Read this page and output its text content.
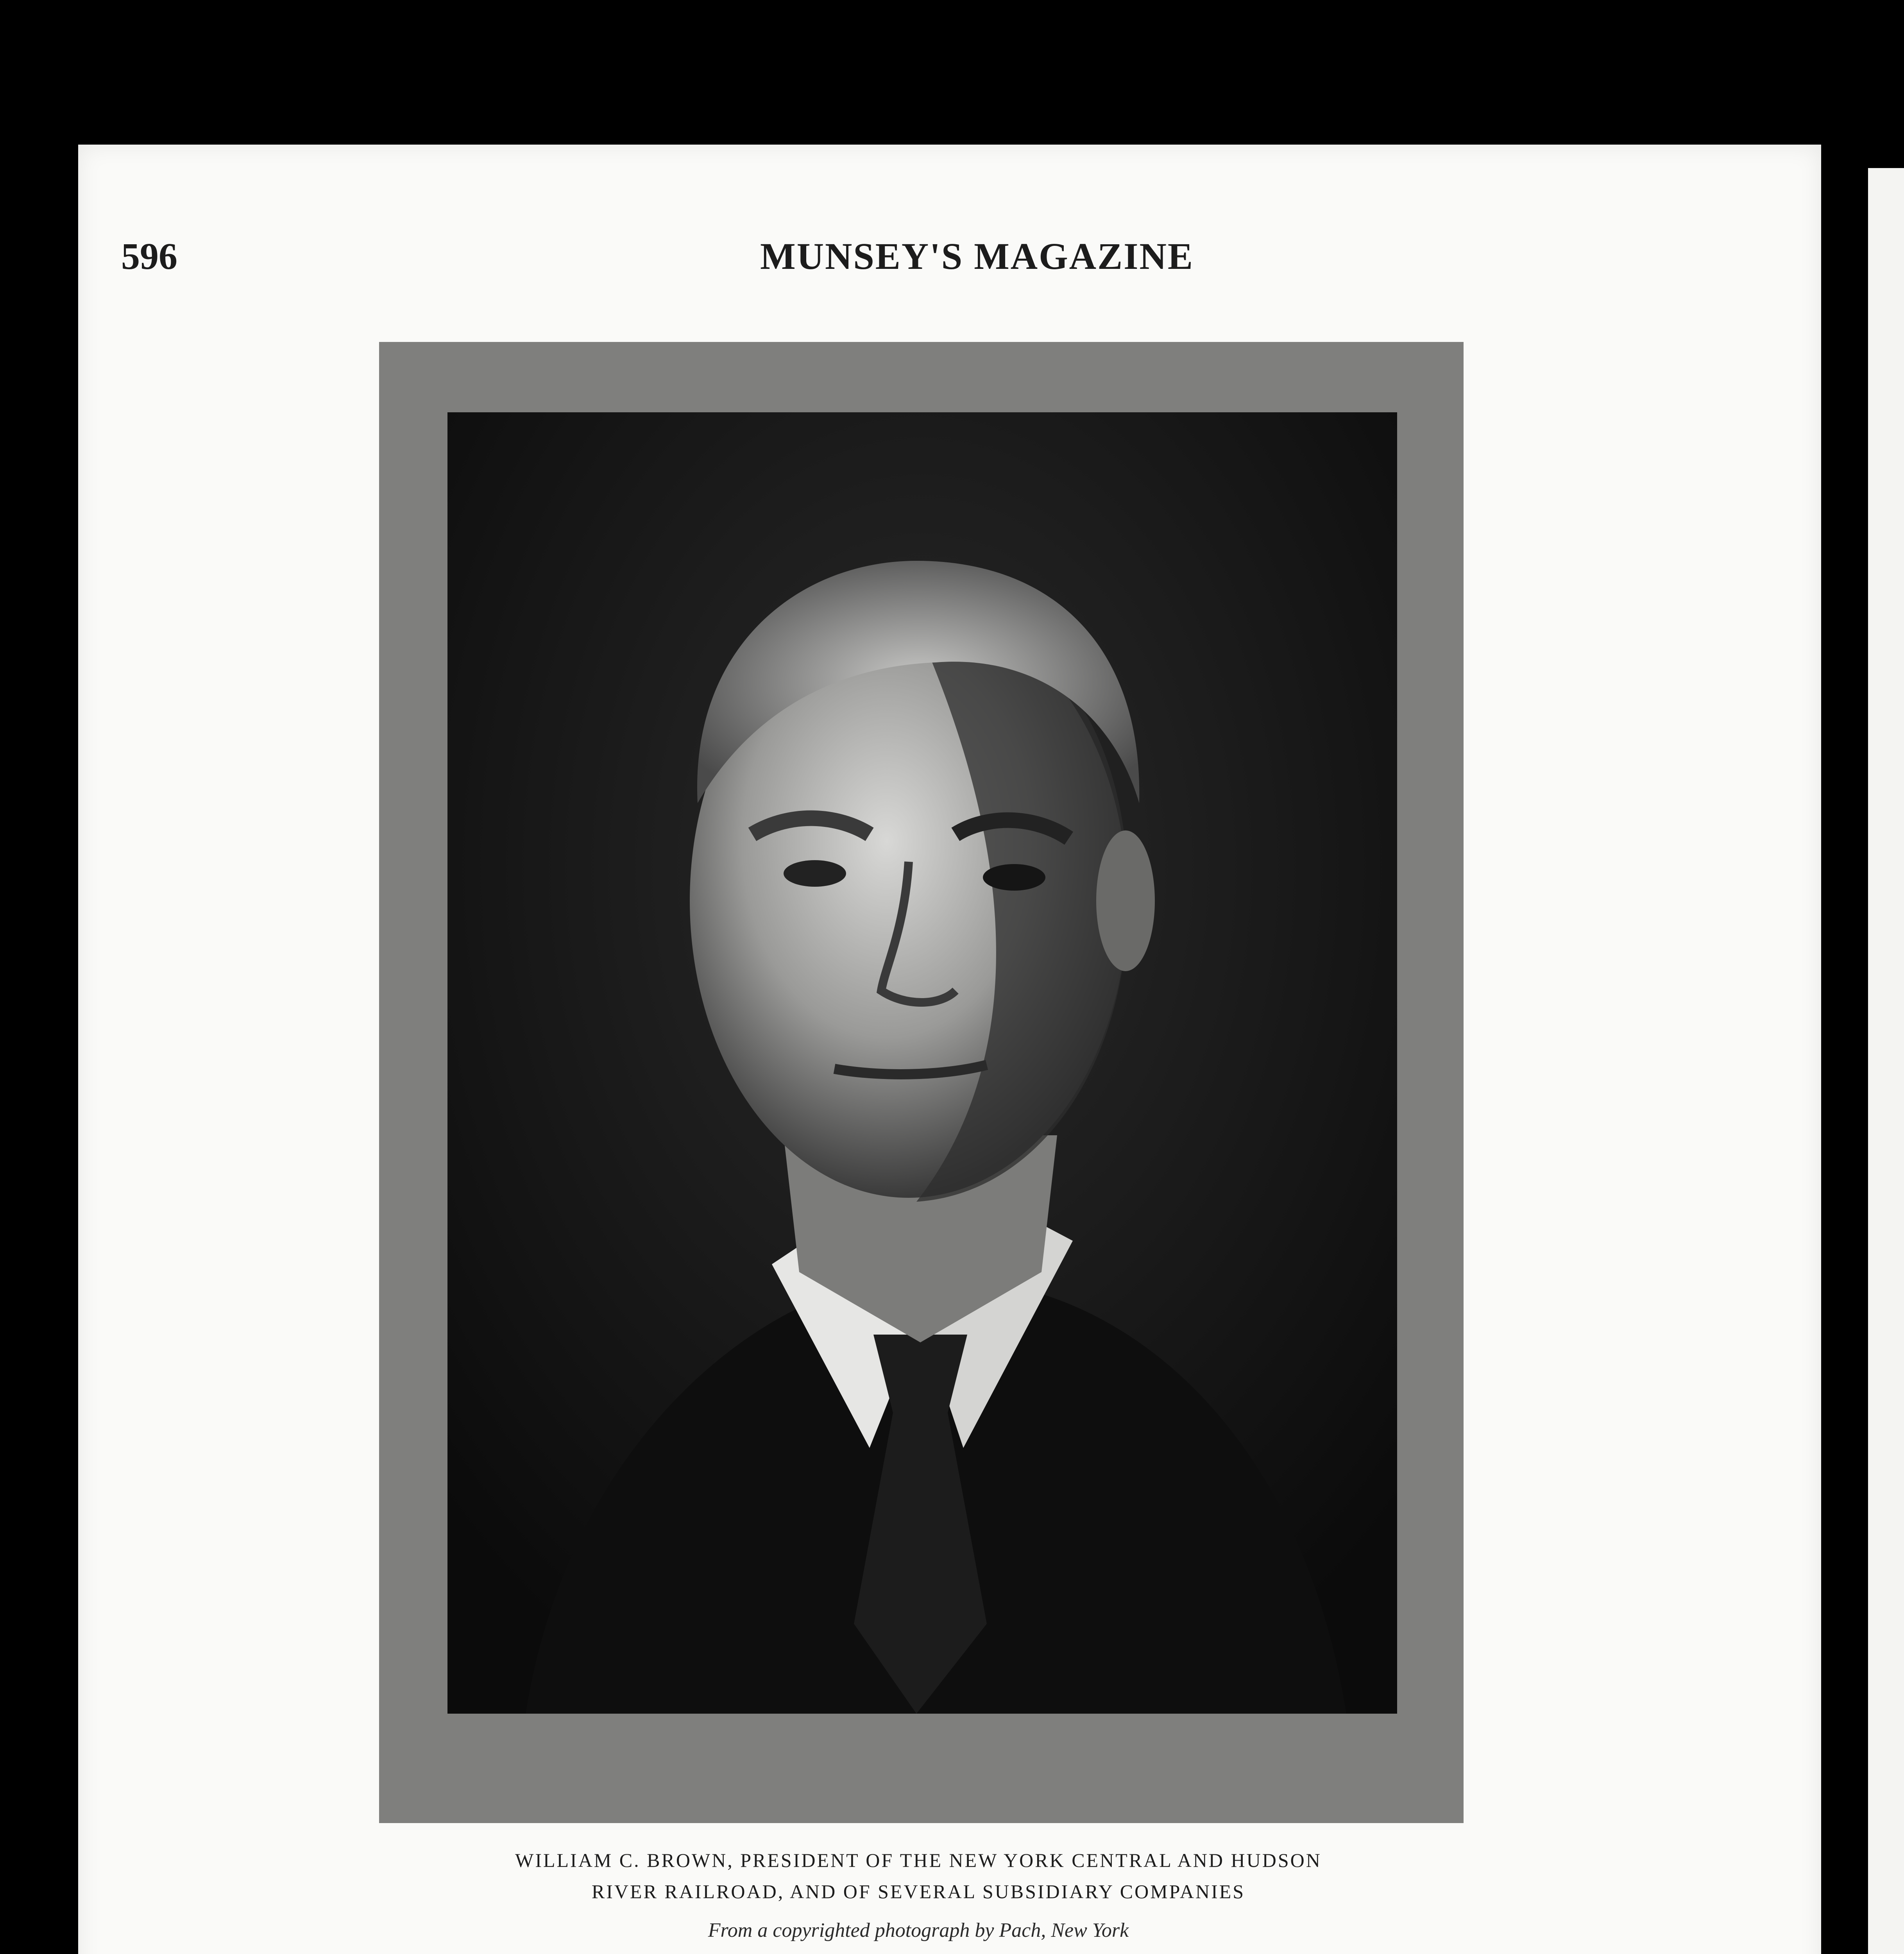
596	MUNSEY'S MAGAZINE
WILLIAM C. BROWN, PRESIDENT OF THE NEW YORK CENTRAL AND HUDSON
RIVER RAILROAD, AND OF SEVERAL SUBSIDIARY COMPANIES
From a copyrighted photograph by Pach, New York
